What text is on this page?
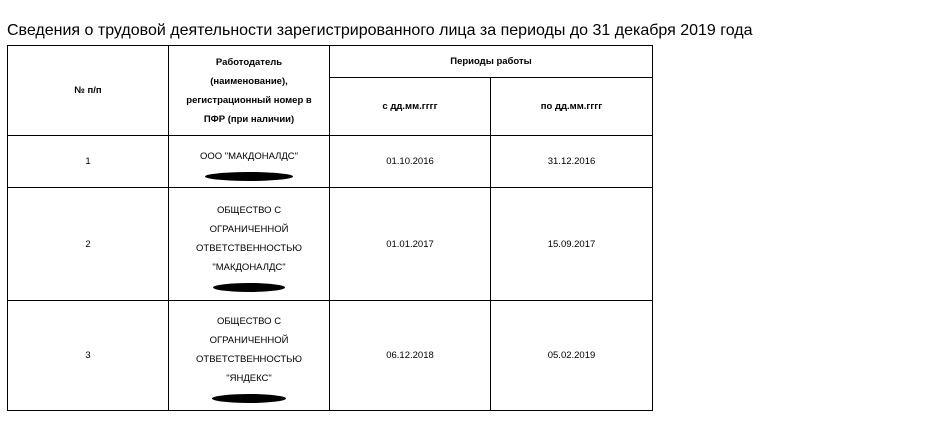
Сведения о трудовой деятельности зарегистрированного лица за периоды до 31 декабря 2019 года
№ п/п	Работодатель
(наименование),
регистрационный номер в
ПФР (при наличии)	Периоды работы	
		с дд.мм.гггг	по дд.мм.гггг
1	ООО "МАКДОНАЛДС"	01.10.2016	31.12.2016
2	ОБЩЕСТВО С
ОГРАНИЧЕННОЙ
ОТВЕТСТВЕННОСТЬЮ
"МАКДОНАЛДС"	01.01.2017	15.09.2017
3	ОБЩЕСТВО С
ОГРАНИЧЕННОЙ
ОТВЕТСТВЕННОСТЬЮ
"ЯНДЕКС"	06.12.2018	05.02.2019
